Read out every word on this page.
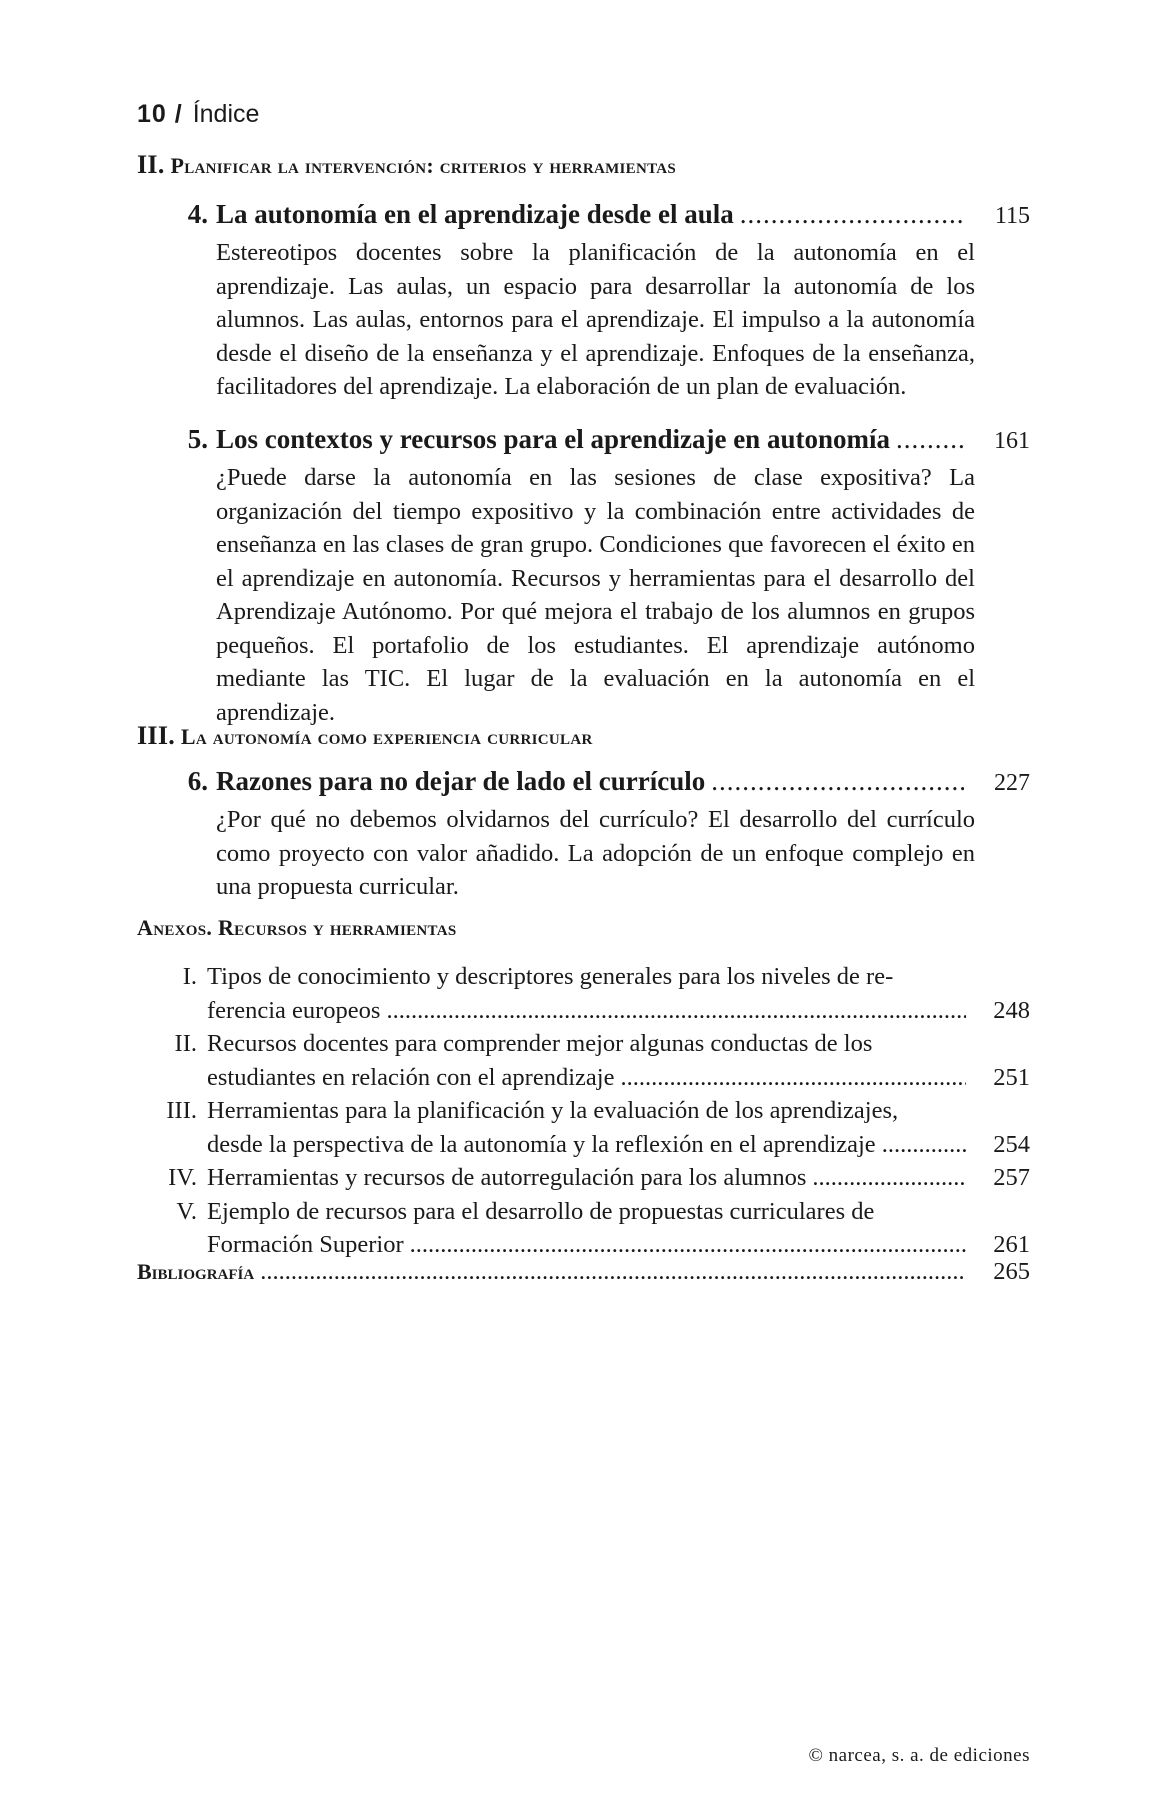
10 / Índice
II. Planificar la intervención: criterios y herramientas
4. La autonomía en el aprendizaje desde el aula .....	115
Estereotipos docentes sobre la planificación de la autonomía en el aprendizaje. Las aulas, un espacio para desarrollar la autonomía de los alumnos. Las aulas, entornos para el aprendizaje. El impulso a la autonomía desde el diseño de la enseñanza y el aprendizaje. Enfoques de la enseñanza, facilitadores del aprendizaje. La elaboración de un plan de evaluación.
5. Los contextos y recursos para el aprendizaje en autonomía .....	161
¿Puede darse la autonomía en las sesiones de clase expositiva? La organización del tiempo expositivo y la combinación entre actividades de enseñanza en las clases de gran grupo. Condiciones que favorecen el éxito en el aprendizaje en autonomía. Recursos y herramientas para el desarrollo del Aprendizaje Autónomo. Por qué mejora el trabajo de los alumnos en grupos pequeños. El portafolio de los estudiantes. El aprendizaje autónomo mediante las TIC. El lugar de la evaluación en la autonomía en el aprendizaje.
III. La autonomía como experiencia curricular
6. Razones para no dejar de lado el currículo .....	227
¿Por qué no debemos olvidarnos del currículo? El desarrollo del currículo como proyecto con valor añadido. La adopción de un enfoque complejo en una propuesta curricular.
Anexos. Recursos y herramientas
I. Tipos de conocimiento y descriptores generales para los niveles de re-
ferencia europeos .....	248
II. Recursos docentes para comprender mejor algunas conductas de los
estudiantes en relación con el aprendizaje .....	251
III. Herramientas para la planificación y la evaluación de los aprendizajes,
desde la perspectiva de la autonomía y la reflexión en el aprendizaje .....	254
IV. Herramientas y recursos de autorregulación para los alumnos .....	257
V. Ejemplo de recursos para el desarrollo de propuestas curriculares de
Formación Superior .....	261
Bibliografía .....	265
© narcea, s. a. de ediciones
